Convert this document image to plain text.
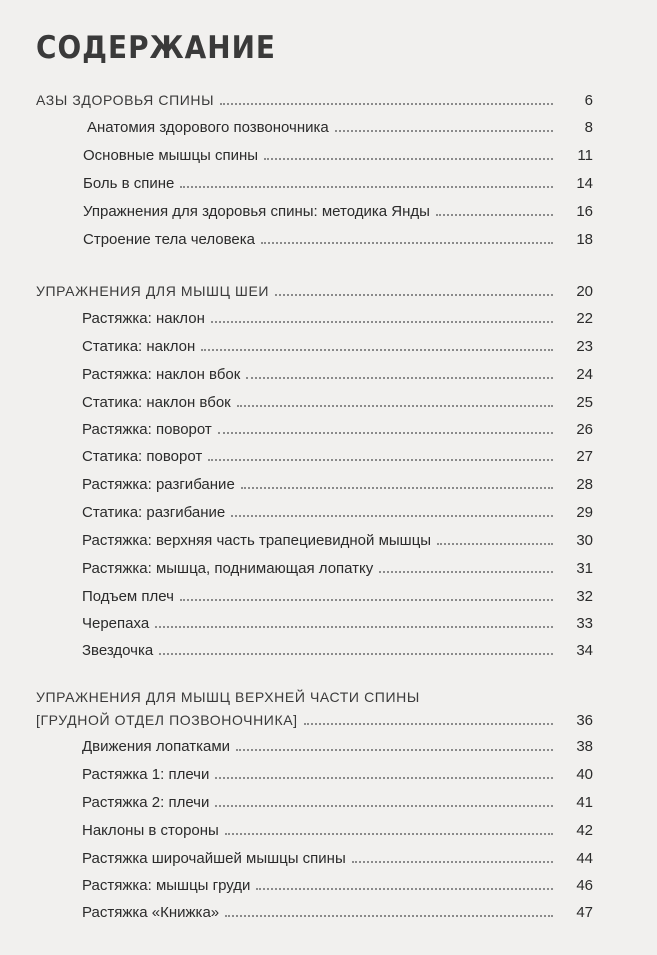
СОДЕРЖАНИЕ
АЗЫ ЗДОРОВЬЯ СПИНЫ	6
Анатомия здорового позвоночника	8
Основные мышцы спины	11
Боль в спине	14
Упражнения для здоровья спины: методика Янды	16
Строение тела человека	18
УПРАЖНЕНИЯ ДЛЯ МЫШЦ ШЕИ	20
Растяжка: наклон	22
Статика: наклон	23
Растяжка: наклон вбок	24
Статика: наклон вбок	25
Растяжка: поворот	26
Статика: поворот	27
Растяжка: разгибание	28
Статика: разгибание	29
Растяжка: верхняя часть трапециевидной мышцы	30
Растяжка: мышца, поднимающая лопатку	31
Подъем плеч	32
Черепаха	33
Звездочка	34
УПРАЖНЕНИЯ ДЛЯ МЫШЦ ВЕРХНЕЙ ЧАСТИ СПИНЫ
[ГРУДНОЙ ОТДЕЛ ПОЗВОНОЧНИКА]	36
Движения лопатками	38
Растяжка 1: плечи	40
Растяжка 2: плечи	41
Наклоны в стороны	42
Растяжка широчайшей мышцы спины	44
Растяжка: мышцы груди	46
Растяжка «Книжка»	47
